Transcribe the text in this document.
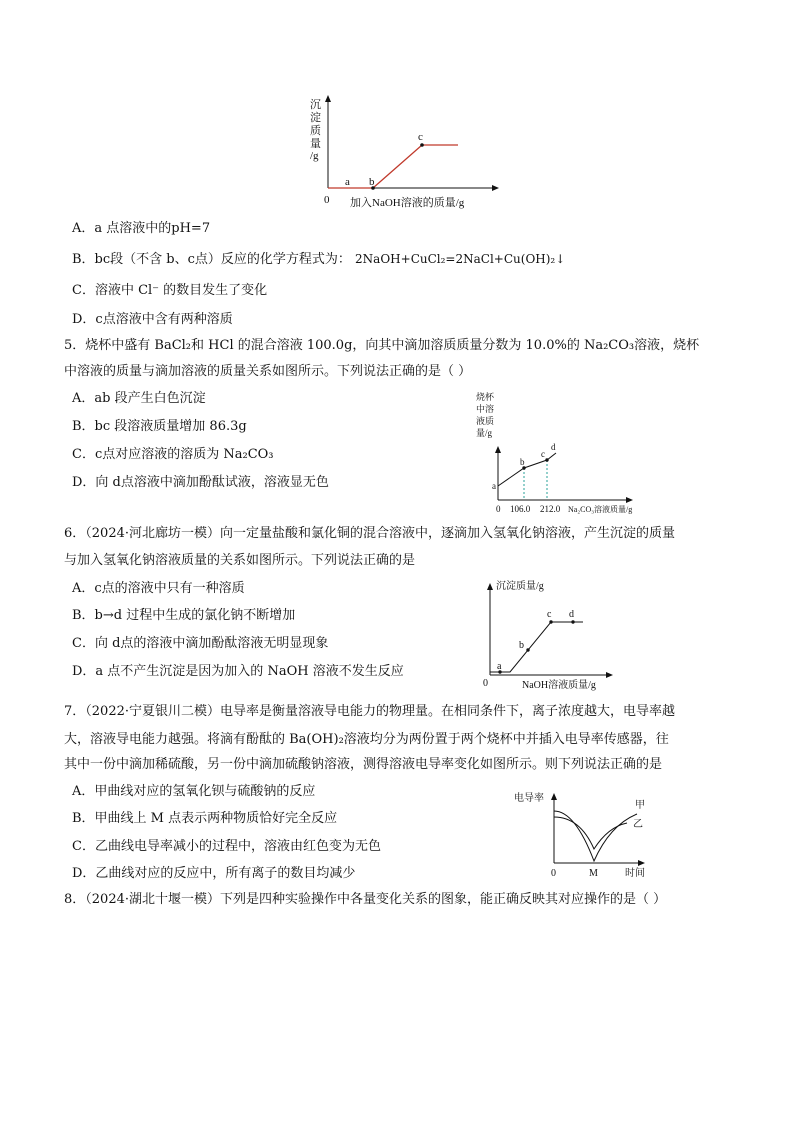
沉
淀
质
量
/g
0
a b
c
加入NaOH溶液的质量/g
A．a 点溶液中的pH=7
B．bc段（不含 b、c点）反应的化学方程式为： 2NaOH+CuCl₂=2NaCl+Cu(OH)₂↓
C．溶液中 Cl⁻ 的数目发生了变化
D．c点溶液中含有两种溶质
5．烧杯中盛有 BaCl₂和 HCl 的混合溶液 100.0g，向其中滴加溶质质量分数为 10.0%的 Na₂CO₃溶液，烧杯
中溶液的质量与滴加溶液的质量关系如图所示。下列说法正确的是（ ）
A．ab 段产生白色沉淀
B．bc 段溶液质量增加 86.3g
C．c点对应溶液的溶质为 Na₂CO₃
D．向 d点溶液中滴加酚酞试液，溶液显无色
烧杯
中溶
液质
量/g
a
b
c
d
0 106.0 212.0 Na₂CO₃溶液质量/g
6．（2024·河北廊坊一模）向一定量盐酸和氯化铜的混合溶液中，逐滴加入氢氧化钠溶液，产生沉淀的质量
与加入氢氧化钠溶液质量的关系如图所示。下列说法正确的是
A．c点的溶液中只有一种溶质
B．b→d 过程中生成的氯化钠不断增加
C．向 d点的溶液中滴加酚酞溶液无明显现象
D．a 点不产生沉淀是因为加入的 NaOH 溶液不发生反应
沉淀质量/g
a
b
c d
0	NaOH溶液质量/g
7．（2022·宁夏银川二模）电导率是衡量溶液导电能力的物理量。在相同条件下，离子浓度越大，电导率越
大，溶液导电能力越强。将滴有酚酞的 Ba(OH)₂溶液均分为两份置于两个烧杯中并插入电导率传感器，往
其中一份中滴加稀硫酸，另一份中滴加硫酸钠溶液，测得溶液电导率变化如图所示。则下列说法正确的是
A．甲曲线对应的氢氧化钡与硫酸钠的反应
B．甲曲线上 M 点表示两种物质恰好完全反应
C．乙曲线电导率减小的过程中，溶液由红色变为无色
D．乙曲线对应的反应中，所有离子的数目均减少
电导率
甲
乙
0	M	时间
8．（2024·湖北十堰一模）下列是四种实验操作中各量变化关系的图象，能正确反映其对应操作的是（ ）
